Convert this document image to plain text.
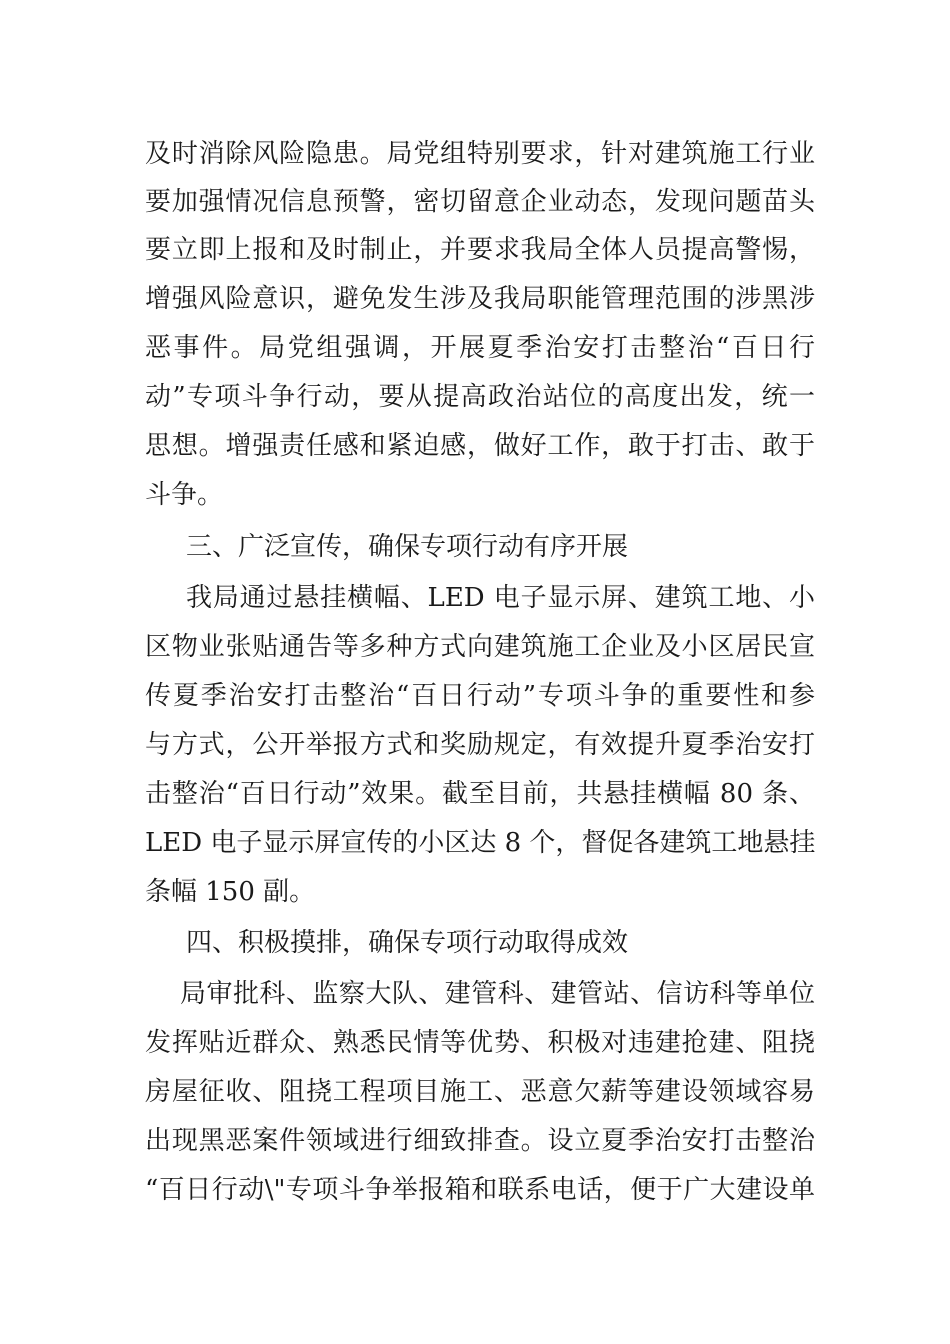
及时消除风险隐患。局党组特别要求，针对建筑施工行业
要加强情况信息预警，密切留意企业动态，发现问题苗头
要立即上报和及时制止，并要求我局全体人员提高警惕，
增强风险意识，避免发生涉及我局职能管理范围的涉黑涉
恶事件。局党组强调，开展夏季治安打击整治“百日行
动”专项斗争行动，要从提高政治站位的高度出发，统一
思想。增强责任感和紧迫感，做好工作，敢于打击、敢于
斗争。
三、广泛宣传，确保专项行动有序开展
我局通过悬挂横幅、LED 电子显示屏、建筑工地、小
区物业张贴通告等多种方式向建筑施工企业及小区居民宣
传夏季治安打击整治“百日行动”专项斗争的重要性和参
与方式，公开举报方式和奖励规定，有效提升夏季治安打
击整治“百日行动”效果。截至目前，共悬挂横幅 80 条、
LED 电子显示屏宣传的小区达 8 个，督促各建筑工地悬挂
条幅 150 副。
四、积极摸排，确保专项行动取得成效
局审批科、监察大队、建管科、建管站、信访科等单位
发挥贴近群众、熟悉民情等优势、积极对违建抢建、阻挠
房屋征收、阻挠工程项目施工、恶意欠薪等建设领域容易
出现黑恶案件领域进行细致排查。设立夏季治安打击整治
“百日行动\"专项斗争举报箱和联系电话，便于广大建设单
